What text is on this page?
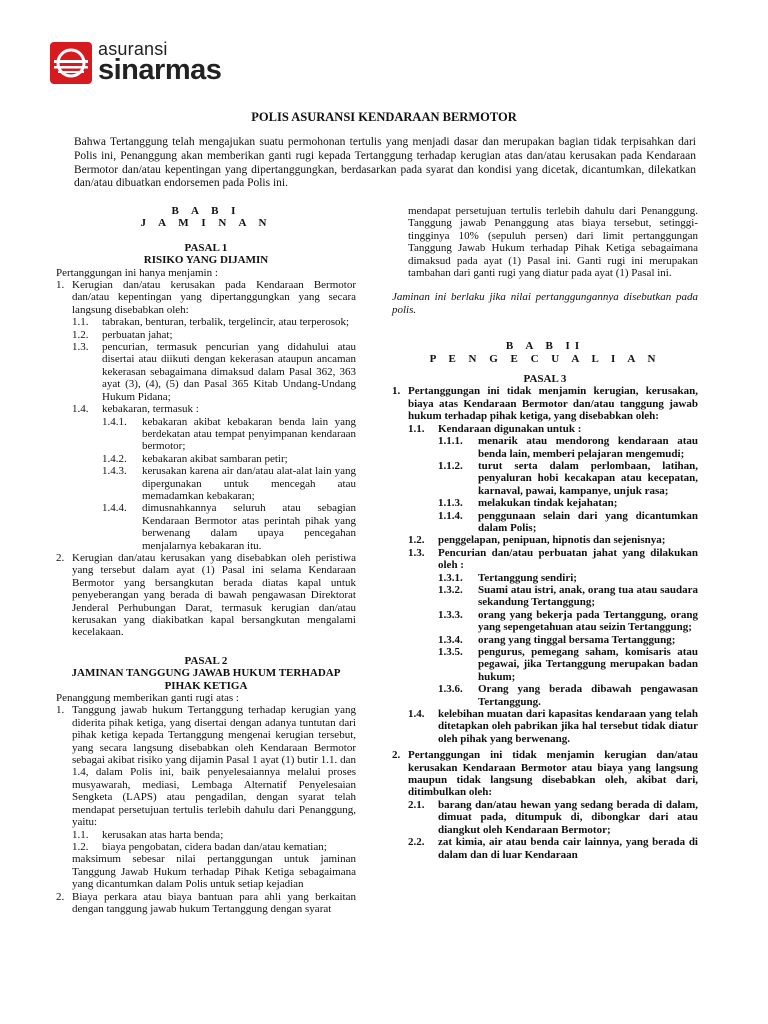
asuransi
sinarmas
POLIS ASURANSI KENDARAAN BERMOTOR
Bahwa Tertanggung telah mengajukan suatu permohonan tertulis yang menjadi dasar dan merupakan bagian tidak terpisahkan dari Polis ini, Penanggung akan memberikan ganti rugi kepada Tertanggung terhadap kerugian atas dan/atau kerusakan pada Kendaraan Bermotor dan/atau kepentingan yang dipertanggungkan, berdasarkan pada syarat dan kondisi yang dicetak, dicantumkan, dilekatkan dan/atau dibuatkan endorsemen pada Polis ini.

B A B I

J A M I N A N

PASAL 1

RISIKO YANG DIJAMIN

Pertanggungan ini hanya menjamin :
1. Kerugian dan/atau kerusakan pada Kendaraan Bermotor dan/atau kepentingan yang dipertanggungkan yang secara langsung disebabkan oleh:
1.1.	tabrakan, benturan, terbalik, tergelincir, atau terperosok;
1.2.	perbuatan jahat;
1.3.	pencurian, termasuk pencurian yang didahului atau disertai atau diikuti dengan kekerasan ataupun ancaman kekerasan sebagaimana dimaksud dalam Pasal 362, 363 ayat (3), (4), (5) dan Pasal 365 Kitab Undang-Undang Hukum Pidana;
1.4.	kebakaran, termasuk :
1.4.1.	kebakaran akibat kebakaran benda lain yang berdekatan atau tempat penyimpanan kendaraan bermotor;
1.4.2.	kebakaran akibat sambaran petir;
1.4.3.	kerusakan karena air dan/atau alat-alat lain yang dipergunakan untuk mencegah atau memadamkan kebakaran;
1.4.4.	dimusnahkannya seluruh atau sebagian Kendaraan Bermotor atas perintah pihak yang berwenang dalam upaya pencegahan menjalarnya kebakaran itu.
2. Kerugian dan/atau kerusakan yang disebabkan oleh peristiwa yang tersebut dalam ayat (1) Pasal ini selama Kendaraan Bermotor yang bersangkutan berada diatas kapal untuk penyeberangan yang berada di bawah pengawasan Direktorat Jenderal Perhubungan Darat, termasuk kerugian dan/atau kerusakan yang diakibatkan kapal bersangkutan mengalami kecelakaan.

PASAL 2

JAMINAN TANGGUNG JAWAB HUKUM TERHADAP

PIHAK KETIGA

Penanggung memberikan ganti rugi atas :
1. Tanggung jawab hukum Tertanggung terhadap kerugian yang diderita pihak ketiga, yang disertai dengan adanya tuntutan dari pihak ketiga kepada Tertanggung mengenai kerugian tersebut, yang secara langsung disebabkan oleh Kendaraan Bermotor sebagai akibat risiko yang dijamin Pasal 1 ayat (1) butir 1.1. dan 1.4, dalam Polis ini, baik penyelesaiannya melalui proses musyawarah, mediasi, Lembaga Alternatif Penyelesaian Sengketa (LAPS) atau pengadilan, dengan syarat telah mendapat persetujuan tertulis terlebih dahulu dari Penanggung, yaitu:
1.1.	kerusakan atas harta benda;
1.2.	biaya pengobatan, cidera badan dan/atau kematian;
maksimum sebesar nilai pertanggungan untuk jaminan Tanggung Jawab Hukum terhadap Pihak Ketiga sebagaimana yang dicantumkan dalam Polis untuk setiap kejadian
2. Biaya perkara atau biaya bantuan para ahli yang berkaitan dengan tanggung jawab hukum Tertanggung dengan syarat
mendapat persetujuan tertulis terlebih dahulu dari Penanggung. Tanggung jawab Penanggung atas biaya tersebut, setinggi-tingginya 10% (sepuluh persen) dari limit pertanggungan Tanggung Jawab Hukum terhadap Pihak Ketiga sebagaimana dimaksud pada ayat (1) Pasal ini. Ganti rugi ini merupakan tambahan dari ganti rugi yang diatur pada ayat (1) Pasal ini.
Jaminan ini berlaku jika nilai pertanggungannya disebutkan pada polis.

B A B II

P E N G E C U A L I A N

PASAL 3

1. Pertanggungan ini tidak menjamin kerugian, kerusakan, biaya atas Kendaraan Bermotor dan/atau tanggung jawab hukum terhadap pihak ketiga, yang disebabkan oleh:
1.1.	Kendaraan digunakan untuk :
1.1.1.	menarik atau mendorong kendaraan atau benda lain, memberi pelajaran mengemudi;
1.1.2.	turut serta dalam perlombaan, latihan, penyaluran hobi kecakapan atau kecepatan, karnaval, pawai, kampanye, unjuk rasa;
1.1.3.	melakukan tindak kejahatan;
1.1.4.	penggunaan selain dari yang dicantumkan dalam Polis;
1.2.	penggelapan, penipuan, hipnotis dan sejenisnya;
1.3.	Pencurian dan/atau perbuatan jahat yang dilakukan oleh :
1.3.1.	Tertanggung sendiri;
1.3.2.	Suami atau istri, anak, orang tua atau saudara sekandung Tertanggung;
1.3.3.	orang yang bekerja pada Tertanggung, orang yang sepengetahuan atau seizin Tertanggung;
1.3.4.	orang yang tinggal bersama Tertanggung;
1.3.5.	pengurus, pemegang saham, komisaris atau pegawai, jika Tertanggung merupakan badan hukum;
1.3.6.	Orang yang berada dibawah pengawasan Tertanggung.
1.4.	kelebihan muatan dari kapasitas kendaraan yang telah ditetapkan oleh pabrikan jika hal tersebut tidak diatur oleh pihak yang berwenang.
2. Pertanggungan ini tidak menjamin kerugian dan/atau kerusakan Kendaraan Bermotor atau biaya yang langsung maupun tidak langsung disebabkan oleh, akibat dari, ditimbulkan oleh:
2.1.	barang dan/atau hewan yang sedang berada di dalam, dimuat pada, ditumpuk di, dibongkar dari atau diangkut oleh Kendaraan Bermotor;
2.2.	zat kimia, air atau benda cair lainnya, yang berada di dalam dan di luar Kendaraan
